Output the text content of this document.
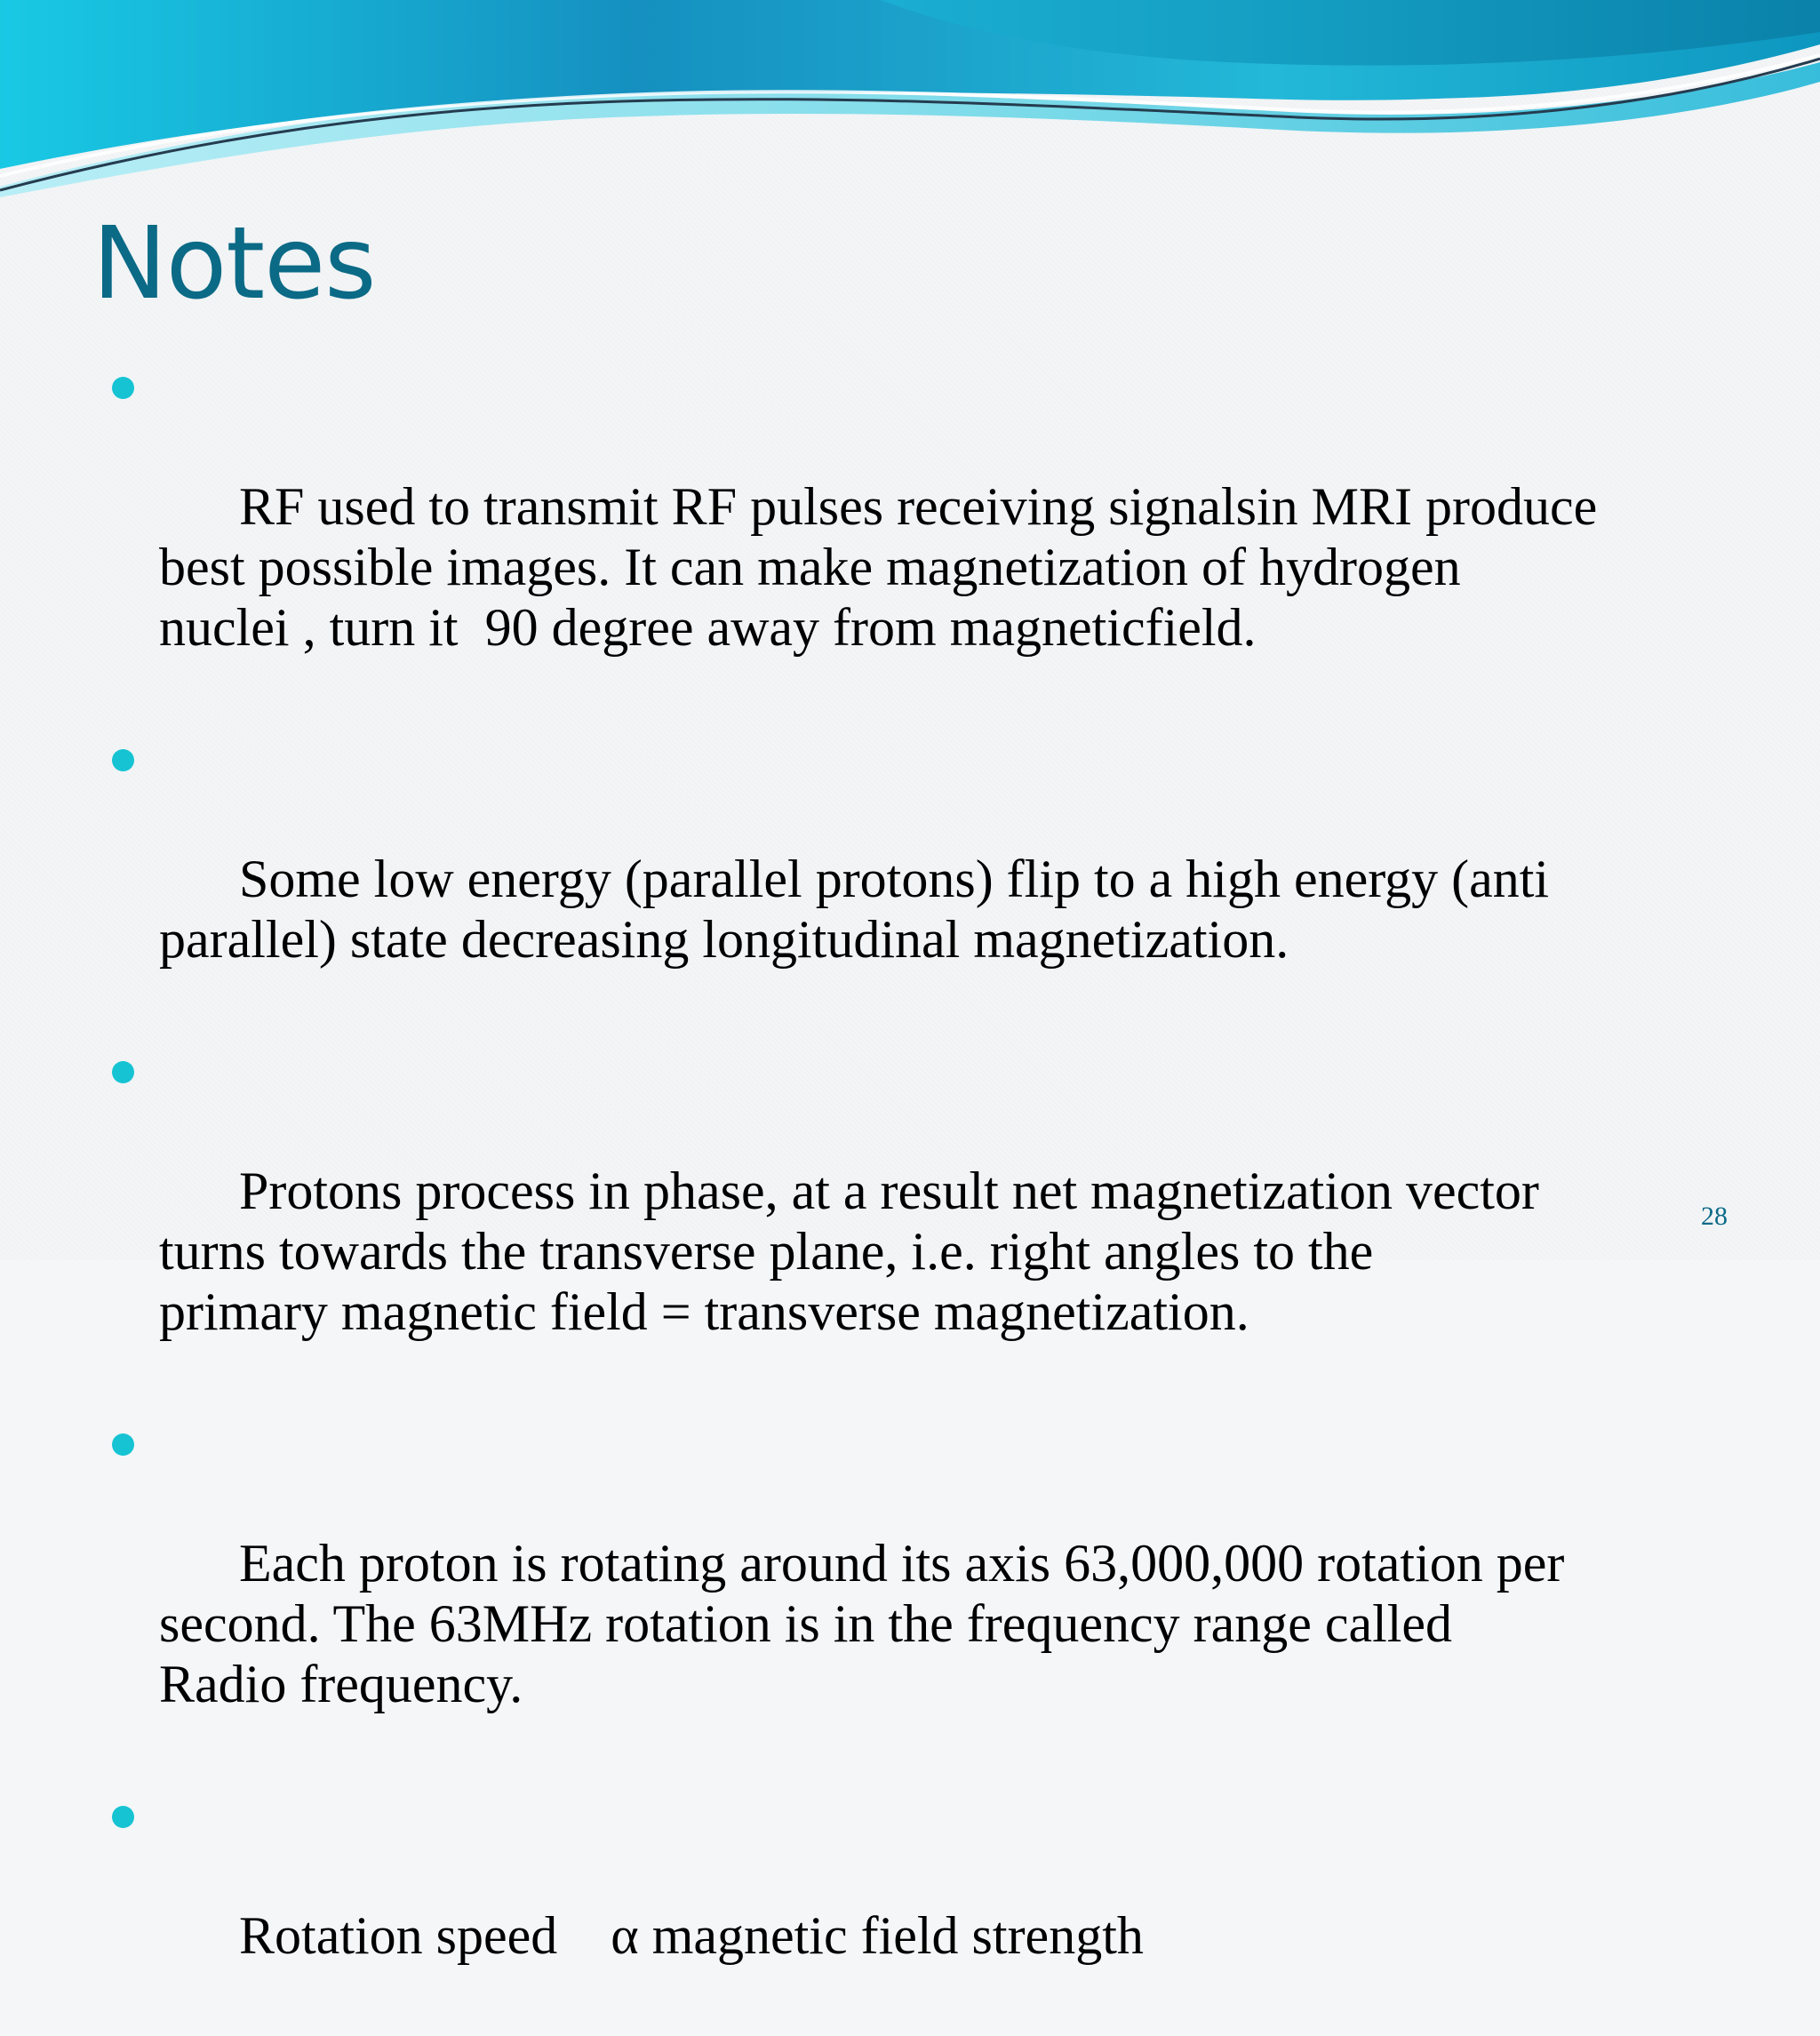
Notes

RF used to transmit RF pulses receiving signalsin MRI produce
best possible images. It can make magnetization of hydrogen
nuclei , turn it  90 degree away from magneticfield.

Some low energy (parallel protons) flip to a high energy (anti
parallel) state decreasing longitudinal magnetization.

Protons process in phase, at a result net magnetization vector
turns towards the transverse plane, i.e. right angles to the
primary magnetic field = transverse magnetization.

Each proton is rotating around its axis 63,000,000 rotation per
second. The 63MHz rotation is in the frequency range called
Radio frequency.

Rotation speed    α magnetic field strength

28
